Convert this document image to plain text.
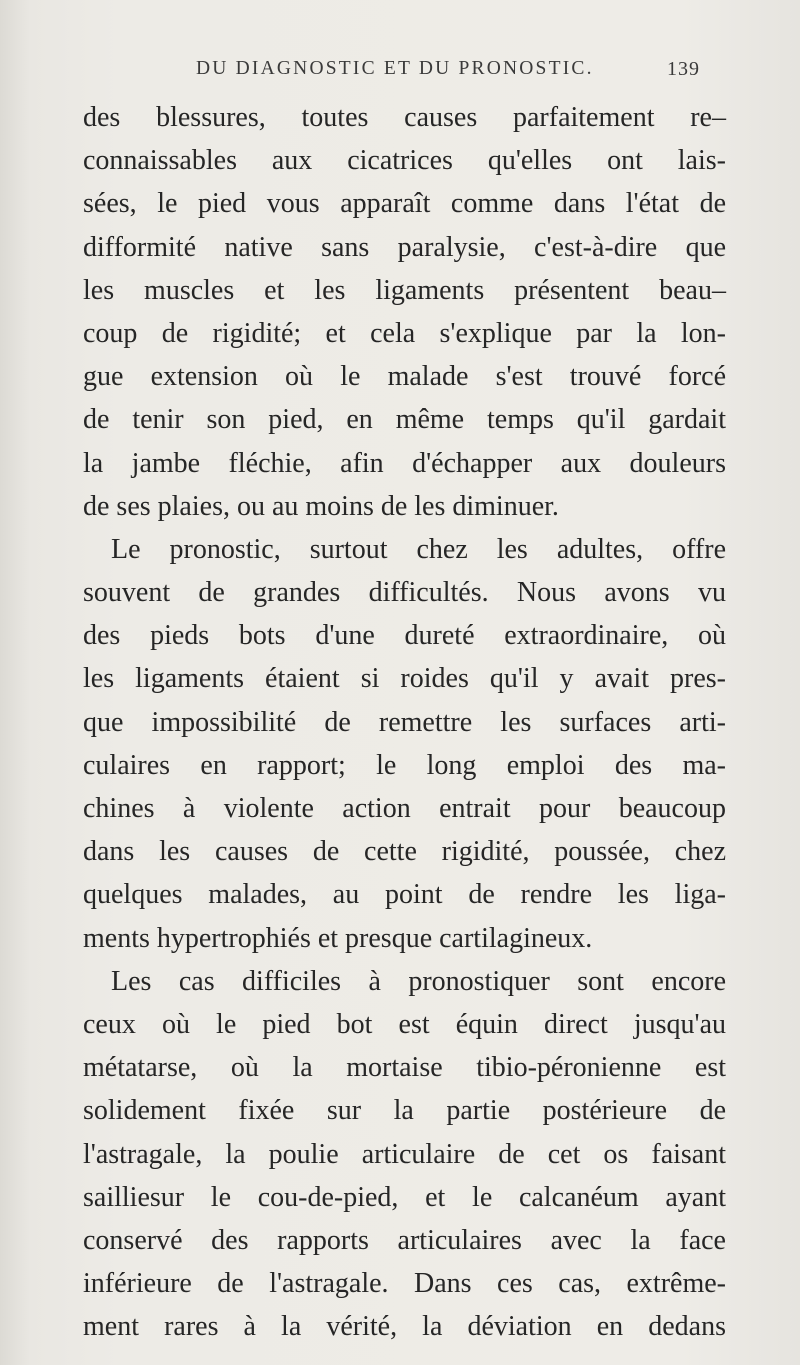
DU DIAGNOSTIC ET DU PRONOSTIC.	139
des blessures, toutes causes parfaitement re–
connaissables aux cicatrices qu'elles ont lais-
sées, le pied vous apparaît comme dans l'état de
difformité native sans paralysie, c'est-à-dire que
les muscles et les ligaments présentent beau–
coup de rigidité; et cela s'explique par la lon-
gue extension où le malade s'est trouvé forcé
de tenir son pied, en même temps qu'il gardait
la jambe fléchie, afin d'échapper aux douleurs
de ses plaies, ou au moins de les diminuer.
Le pronostic, surtout chez les adultes, offre
souvent de grandes difficultés. Nous avons vu
des pieds bots d'une dureté extraordinaire, où
les ligaments étaient si roides qu'il y avait pres-
que impossibilité de remettre les surfaces arti-
culaires en rapport; le long emploi des ma-
chines à violente action entrait pour beaucoup
dans les causes de cette rigidité, poussée, chez
quelques malades, au point de rendre les liga-
ments hypertrophiés et presque cartilagineux.
Les cas difficiles à pronostiquer sont encore
ceux où le pied bot est équin direct jusqu'au
métatarse, où la mortaise tibio-péronienne est
solidement fixée sur la partie postérieure de
l'astragale, la poulie articulaire de cet os faisant
sailliesur le cou-de-pied, et le calcanéum ayant
conservé des rapports articulaires avec la face
inférieure de l'astragale. Dans ces cas, extrême-
ment rares à la vérité, la déviation en dedans
